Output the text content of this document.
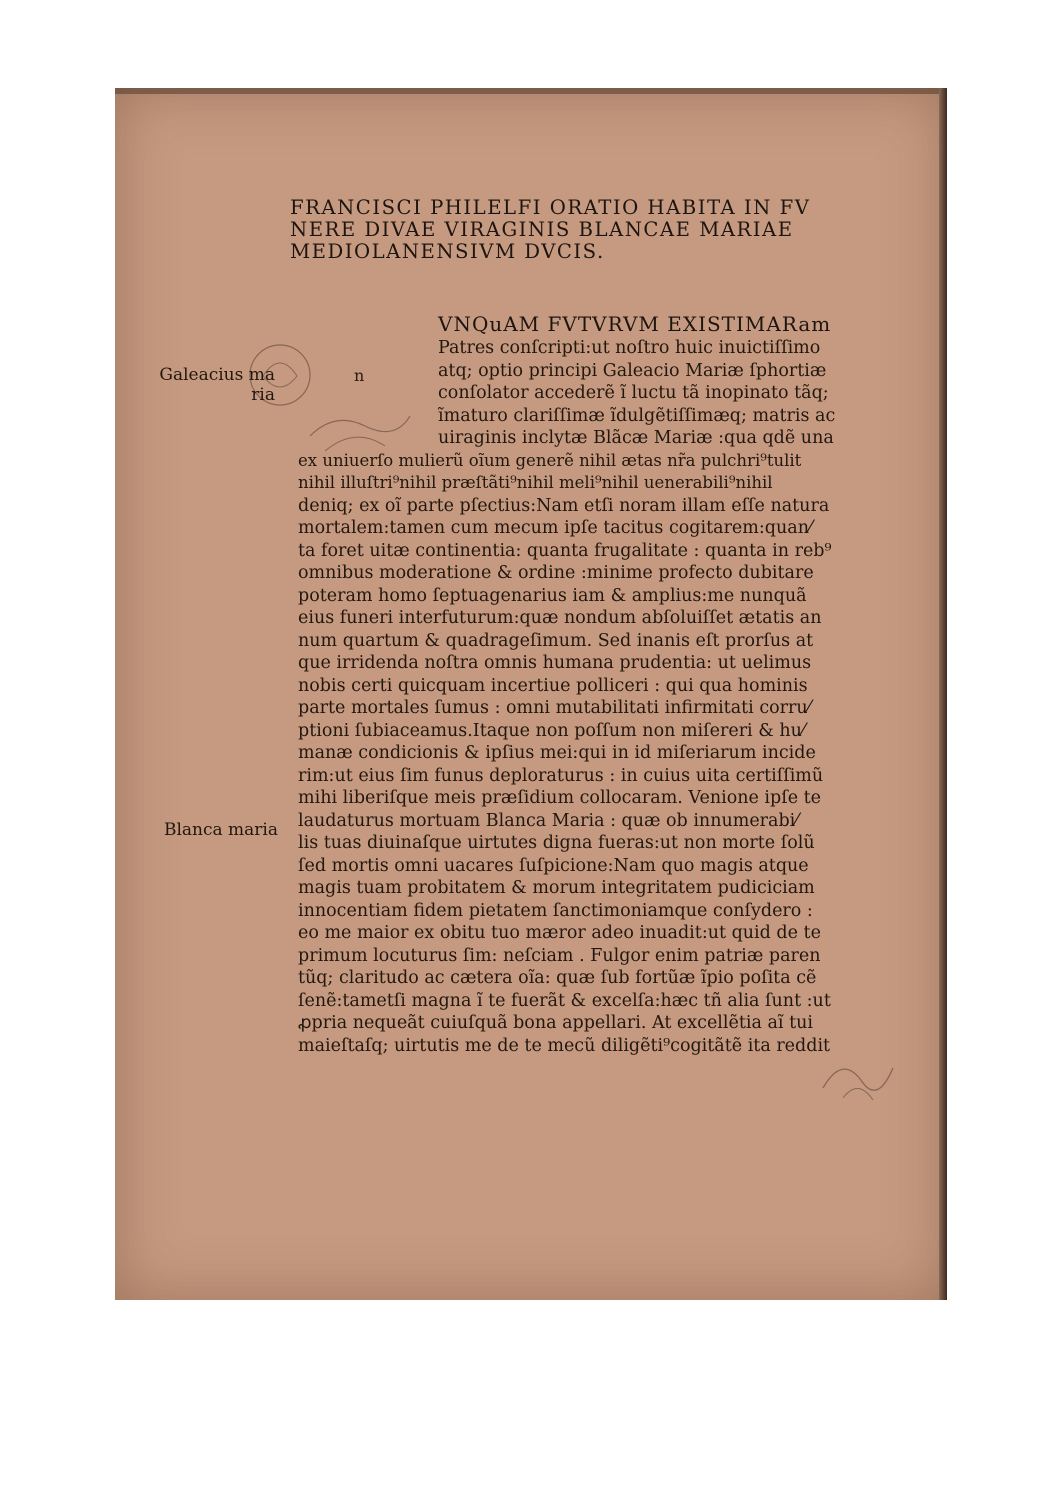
FRANCISCI PHILELFI ORATIO HABITA IN FV
NERE DIVAE VIRAGINIS BLANCAE MARIAE
MEDIOLANENSIVM DVCIS.
VNQuAM FVTVRVM EXISTIMARam
Galeacius ma
ria
n
Blanca maria
Patres conſcripti:ut noſtro huic inuictiſſimo
atq; optio principi Galeacio Mariæ ſphortiæ
conſolator accederẽ ĩ luctu tã inopinato tãq;
ĩmaturo clariſſimæ ĩdulgẽtiſſimæq; matris ac
uiraginis inclytæ Blãcæ Mariæ :qua qdẽ una
ex uniuerſo mulierũ oĩum generẽ nihil ætas nr̃a pulchri⁹tulit
nihil illuſtri⁹nihil præſtãti⁹nihil meli⁹nihil uenerabili⁹nihil
deniq; ex oĩ parte pſectius:Nam etſi noram illam eſſe natura
mortalem:tamen cum mecum ipſe tacitus cogitarem:quan⁄
ta foret uitæ continentia: quanta frugalitate : quanta in reb⁹
omnibus moderatione & ordine :minime profecto dubitare
poteram homo ſeptuagenarius iam & amplius:me nunquã
eius funeri interfuturum:quæ nondum abſoluiſſet ætatis an
num quartum & quadrageſimum. Sed inanis eſt prorſus at
que irridenda noſtra omnis humana prudentia: ut uelimus
nobis certi quicquam incertiue polliceri : qui qua hominis
parte mortales ſumus : omni mutabilitati infirmitati corru⁄
ptioni ſubiaceamus.Itaque non poſſum non miſereri & hu⁄
manæ condicionis & ipſius mei:qui in id miſeriarum incide
rim:ut eius ſim funus deploraturus : in cuius uita certiſſimũ
mihi liberiſque meis præſidium collocaram. Venione ipſe te
laudaturus mortuam Blanca Maria : quæ ob innumerabi⁄
lis tuas diuinaſque uirtutes digna fueras:ut non morte ſolũ
ſed mortis omni uacares ſuſpicione:Nam quo magis atque
magis tuam probitatem & morum integritatem pudiciciam
innocentiam fidem pietatem ſanctimoniamque conſydero :
eo me maior ex obitu tuo mæror adeo inuadit:ut quid de te
primum locuturus ſim: neſciam . Fulgor enim patriæ paren
tũq; claritudo ac cætera oĩa: quæ ſub fortũæ ĩpio poſita cẽ
ſenẽ:tametſi magna ĩ te fuerãt & excelſa:hæc tñ alia ſunt :ut
ꝓpria nequeãt cuiuſquã bona appellari. At excellẽtia aĩ tui
maieſtaſq; uirtutis me de te mecũ diligẽti⁹cogitãtẽ ita reddit
